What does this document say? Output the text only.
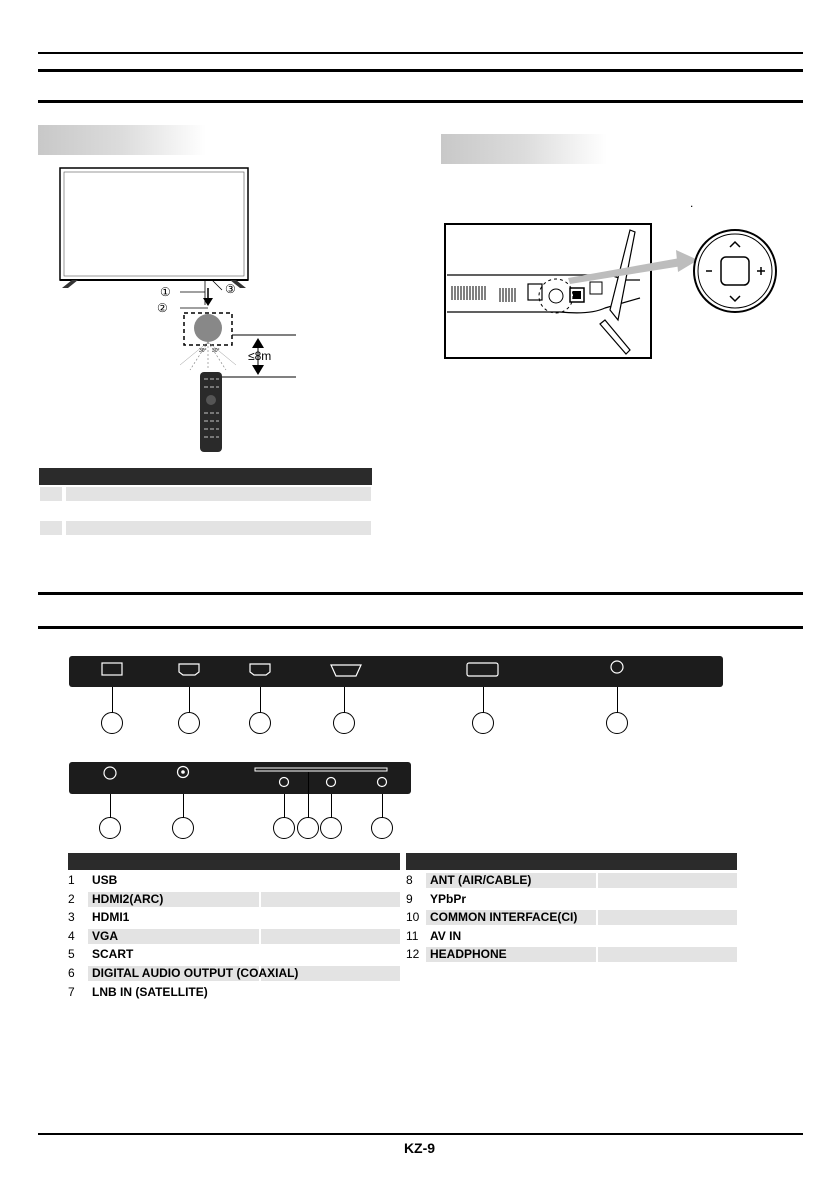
①
②
③
≤8m
30° 30°
.
1	USB
2	HDMI2(ARC)
3	HDMI1
4	VGA
5	SCART
6	DIGITAL AUDIO OUTPUT (COAXIAL)
7	LNB IN (SATELLITE)
8	ANT (AIR/CABLE)
9	YPbPr
10 COMMON INTERFACE(CI)
11 AV IN
12 HEADPHONE
KZ-9
